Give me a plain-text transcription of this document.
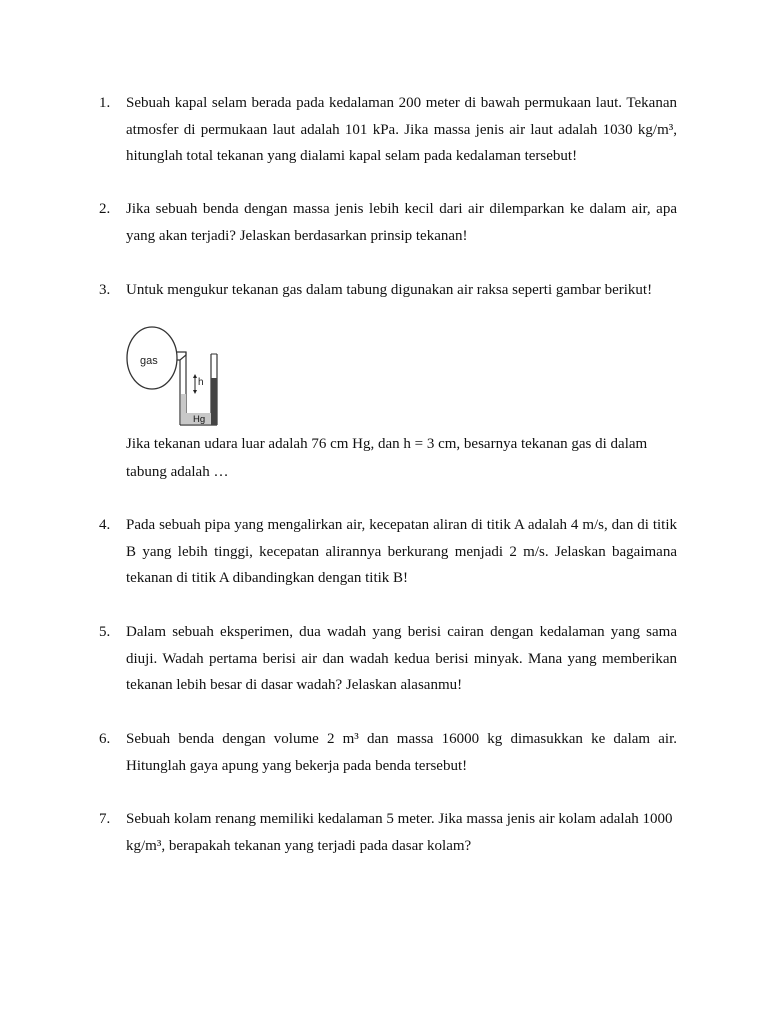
1.	Sebuah kapal selam berada pada kedalaman 200 meter di bawah permukaan laut. Tekanan atmosfer di permukaan laut adalah 101 kPa. Jika massa jenis air laut adalah 1030 kg/m³, hitunglah total tekanan yang dialami kapal selam pada kedalaman tersebut!

2.	Jika sebuah benda dengan massa jenis lebih kecil dari air dilemparkan ke dalam air, apa yang akan terjadi? Jelaskan berdasarkan prinsip tekanan!

3.	Untuk mengukur tekanan gas dalam tabung digunakan air raksa seperti gambar berikut!

gas
h
Hg

Jika tekanan udara luar adalah 76 cm Hg, dan h = 3 cm, besarnya tekanan gas di dalam tabung adalah …

4.	Pada sebuah pipa yang mengalirkan air, kecepatan aliran di titik A adalah 4 m/s, dan di titik B yang lebih tinggi, kecepatan alirannya berkurang menjadi 2 m/s. Jelaskan bagaimana tekanan di titik A dibandingkan dengan titik B!

5.	Dalam sebuah eksperimen, dua wadah yang berisi cairan dengan kedalaman yang sama diuji. Wadah pertama berisi air dan wadah kedua berisi minyak. Mana yang memberikan tekanan lebih besar di dasar wadah? Jelaskan alasanmu!

6.	Sebuah benda dengan volume 2 m³ dan massa 16000 kg dimasukkan ke dalam air. Hitunglah gaya apung yang bekerja pada benda tersebut!

7.	Sebuah kolam renang memiliki kedalaman 5 meter. Jika massa jenis air kolam adalah 1000 kg/m³, berapakah tekanan yang terjadi pada dasar kolam?
